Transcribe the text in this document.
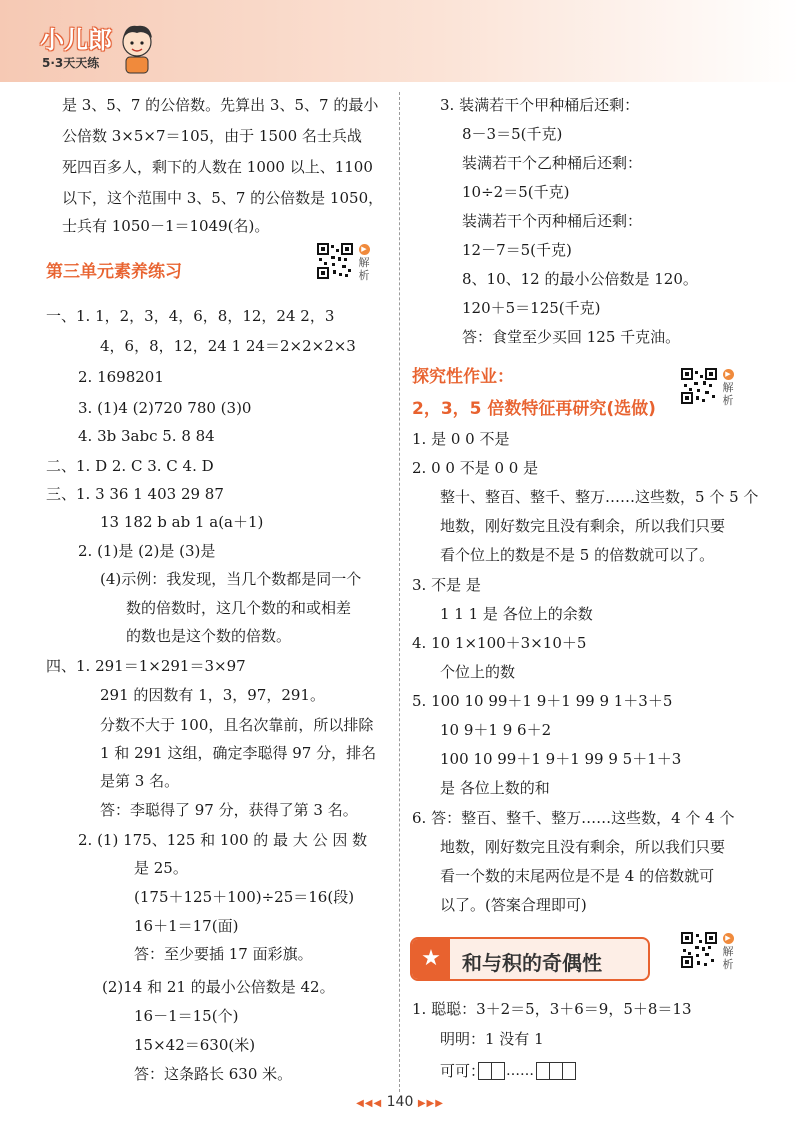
小儿郎
5·3天天练
是 3、5、7 的公倍数。先算出 3、5、7 的最小
公倍数 3×5×7＝105，由于 1500 名士兵战
死四百多人，剩下的人数在 1000 以上、1100
以下，这个范围中 3、5、7 的公倍数是 1050，
士兵有 1050－1＝1049(名)。
第三单元素养练习
▶
解析
一、1. 1，2，3，4，6，8，12，24 2，3
4，6，8，12，24 1 24＝2×2×2×3
2. 1698201
3. (1)4 (2)720 780 (3)0
4. 3b 3abc 5. 8 84
二、1. D 2. C 3. C 4. D
三、1. 3 36 1 403 29 87
13 182 b ab 1 a(a＋1)
2. (1)是 (2)是 (3)是
(4)示例：我发现，当几个数都是同一个
数的倍数时，这几个数的和或相差
的数也是这个数的倍数。
四、1. 291＝1×291＝3×97
291 的因数有 1，3，97，291。
分数不大于 100，且名次靠前，所以排除
1 和 291 这组，确定李聪得 97 分，排名
是第 3 名。
答：李聪得了 97 分，获得了第 3 名。
2. (1) 175、125 和 100 的 最 大 公 因 数
是 25。
(175＋125＋100)÷25＝16(段)
16＋1＝17(面)
答：至少要插 17 面彩旗。
(2)14 和 21 的最小公倍数是 42。
16－1＝15(个)
15×42＝630(米)
答：这条路长 630 米。
3. 装满若干个甲种桶后还剩：
8－3＝5(千克)
装满若干个乙种桶后还剩：
10÷2＝5(千克)
装满若干个丙种桶后还剩：
12－7＝5(千克)
8、10、12 的最小公倍数是 120。
120＋5＝125(千克)
答：食堂至少买回 125 千克油。
探究性作业：
2，3，5 倍数特征再研究(选做)
▶
解析
1. 是 0 0 不是
2. 0 0 不是 0 0 是
整十、整百、整千、整万……这些数，5 个 5 个
地数，刚好数完且没有剩余，所以我们只要
看个位上的数是不是 5 的倍数就可以了。
3. 不是 是
1 1 1 是 各位上的余数
4. 10 1×100＋3×10＋5
个位上的数
5. 100 10 99＋1 9＋1 99 9 1＋3＋5
10 9＋1 9 6＋2
100 10 99＋1 9＋1 99 9 5＋1＋3
是 各位上数的和
6. 答：整百、整千、整万……这些数，4 个 4 个
地数，刚好数完且没有剩余，所以我们只要
看一个数的末尾两位是不是 4 的倍数就可
以了。(答案合理即可)
★	和与积的奇偶性
▶
解析
1. 聪聪：3＋2＝5，3＋6＝9，5＋8＝13
明明：1 没有 1
可可：	……
◀◀◀ 140 ▶▶▶
